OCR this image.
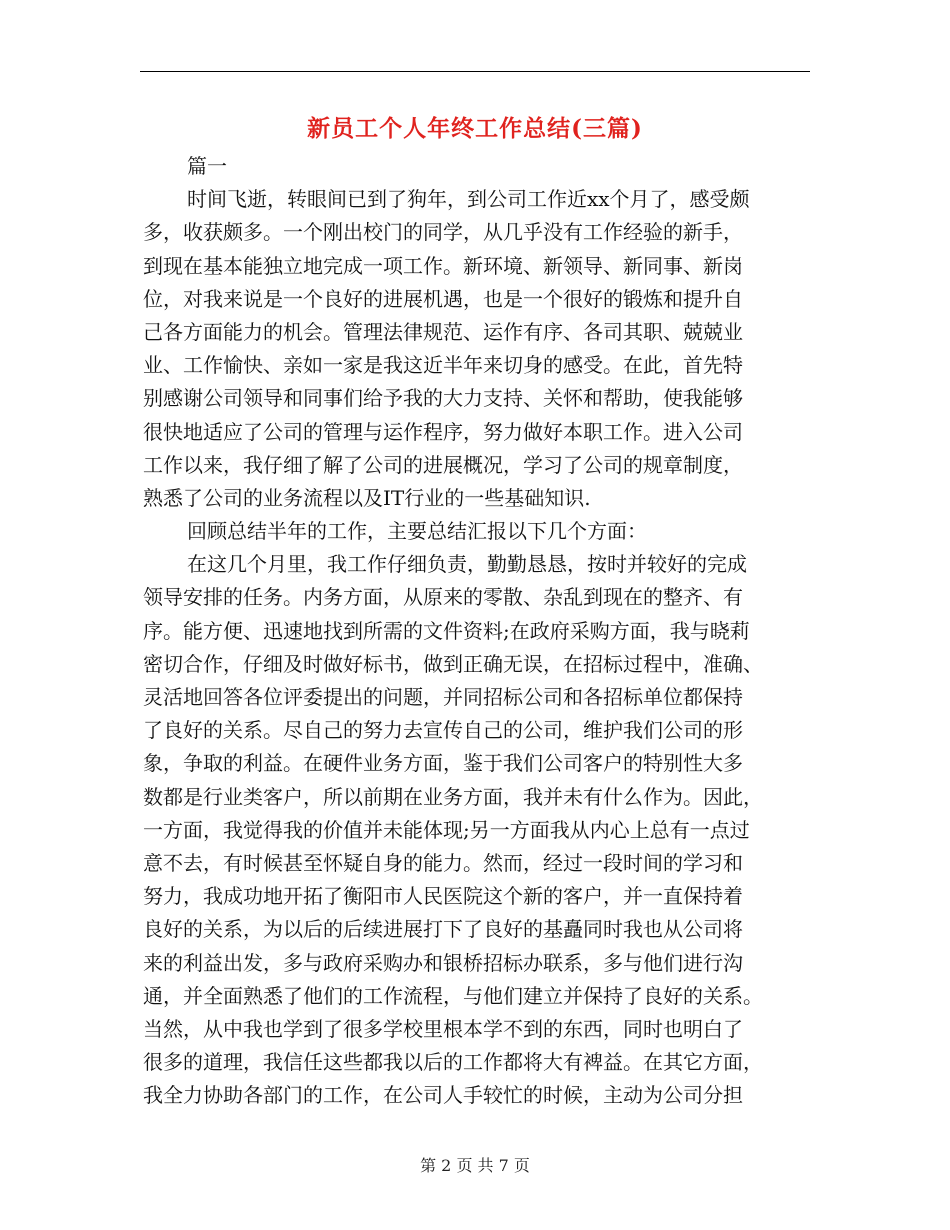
新员工个人年终工作总结(三篇)
篇一
时间飞逝，转眼间已到了狗年，到公司工作近xx个月了，感受颇
多，收获颇多。一个刚出校门的同学，从几乎没有工作经验的新手，
到现在基本能独立地完成一项工作。新环境、新领导、新同事、新岗
位，对我来说是一个良好的进展机遇，也是一个很好的锻炼和提升自
己各方面能力的机会。管理法律规范、运作有序、各司其职、兢兢业
业、工作愉快、亲如一家是我这近半年来切身的感受。在此，首先特
别感谢公司领导和同事们给予我的大力支持、关怀和帮助，使我能够
很快地适应了公司的管理与运作程序，努力做好本职工作。进入公司
工作以来，我仔细了解了公司的进展概况，学习了公司的规章制度，
熟悉了公司的业务流程以及IT行业的一些基础知识.
回顾总结半年的工作，主要总结汇报以下几个方面：
在这几个月里，我工作仔细负责，勤勤恳恳，按时并较好的完成
领导安排的任务。内务方面，从原来的零散、杂乱到现在的整齐、有
序。能方便、迅速地找到所需的文件资料;在政府采购方面，我与晓莉
密切合作，仔细及时做好标书，做到正确无误，在招标过程中，准确、
灵活地回答各位评委提出的问题，并同招标公司和各招标单位都保持
了良好的关系。尽自己的努力去宣传自己的公司，维护我们公司的形
象，争取的利益。在硬件业务方面，鉴于我们公司客户的特别性大多
数都是行业类客户，所以前期在业务方面，我并未有什么作为。因此，
一方面，我觉得我的价值并未能体现;另一方面我从内心上总有一点过
意不去，有时候甚至怀疑自身的能力。然而，经过一段时间的学习和
努力，我成功地开拓了衡阳市人民医院这个新的客户，并一直保持着
良好的关系，为以后的后续进展打下了良好的基矗同时我也从公司将
来的利益出发，多与政府采购办和银桥招标办联系，多与他们进行沟
通，并全面熟悉了他们的工作流程，与他们建立并保持了良好的关系。
当然，从中我也学到了很多学校里根本学不到的东西，同时也明白了
很多的道理，我信任这些都我以后的工作都将大有裨益。在其它方面，
我全力协助各部门的工作，在公司人手较忙的时候，主动为公司分担
第 2 页 共 7 页
